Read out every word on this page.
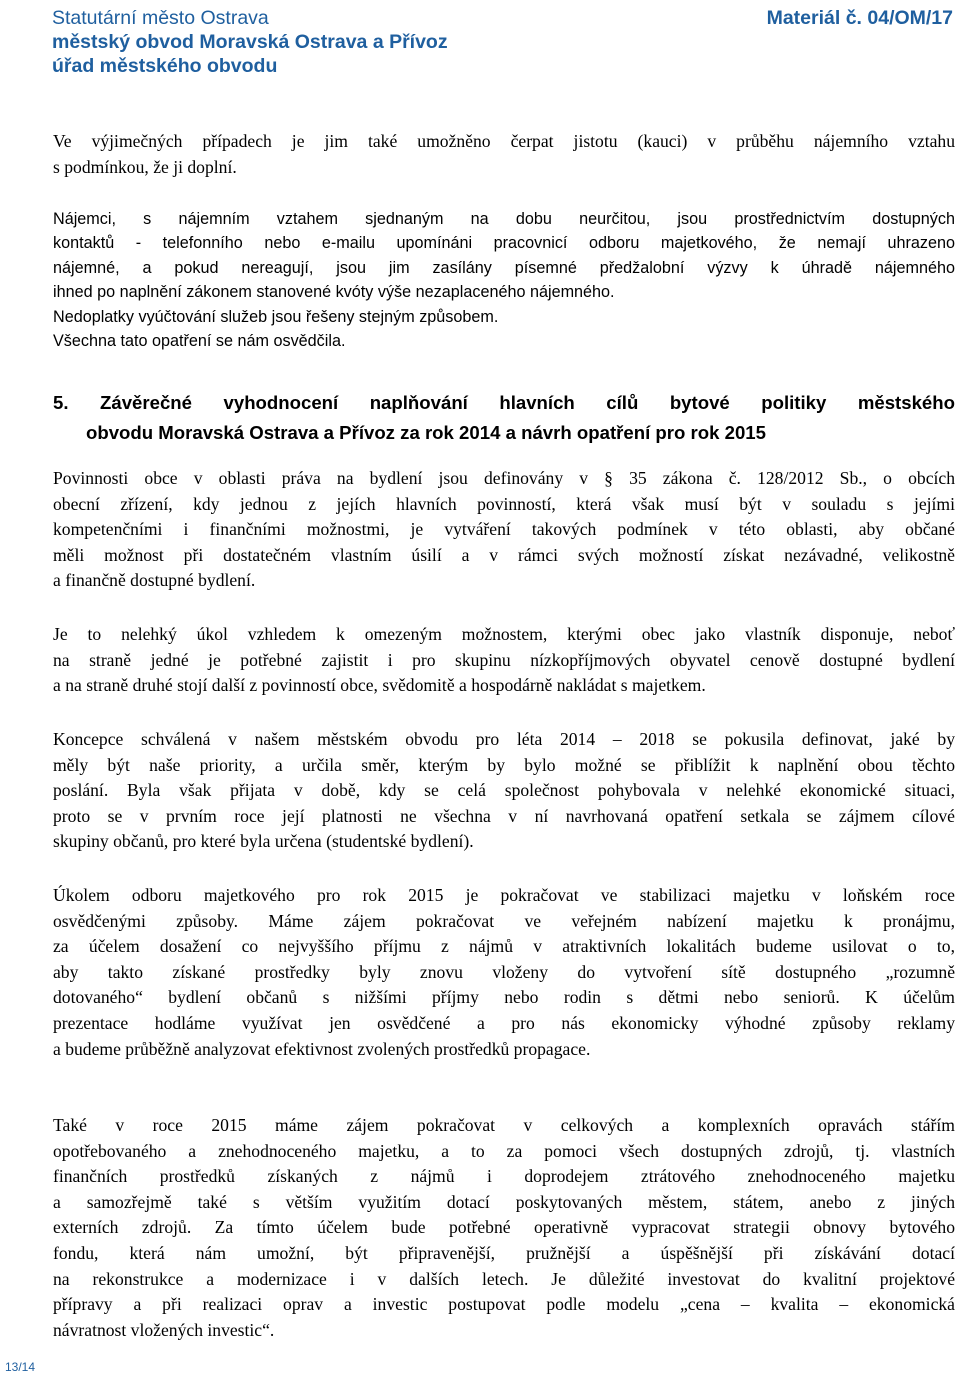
Statutární město Ostrava
městský obvod Moravská Ostrava a Přívoz
úřad městského obvodu
Materiál č. 04/OM/17
Ve výjimečných případech je jim také umožněno čerpat jistotu (kauci) v průběhu nájemního vztahu
s podmínkou, že ji doplní.
Nájemci, s nájemním vztahem sjednaným na dobu neurčitou, jsou prostřednictvím dostupných
kontaktů - telefonního nebo e-mailu upomínáni pracovnicí odboru majetkového, že nemají uhrazeno
nájemné, a pokud nereagují, jsou jim zasílány písemné předžalobní výzvy k úhradě nájemného
ihned po naplnění zákonem stanovené kvóty výše nezaplaceného nájemného.
Nedoplatky vyúčtování služeb jsou řešeny stejným způsobem.
Všechna tato opatření se nám osvědčila.
5. Závěrečné vyhodnocení naplňování hlavních cílů bytové politiky městského
obvodu Moravská Ostrava a Přívoz za rok 2014 a návrh opatření pro rok 2015
Povinnosti obce v oblasti práva na bydlení jsou definovány v § 35 zákona č. 128/2012 Sb., o obcích
obecní zřízení, kdy jednou z jejích hlavních povinností, která však musí být v souladu s jejími
kompetenčními i finančními možnostmi, je vytváření takových podmínek v této oblasti, aby občané
měli možnost při dostatečném vlastním úsilí a v rámci svých možností získat nezávadné, velikostně
a finančně dostupné bydlení.
Je to nelehký úkol vzhledem k omezeným možnostem, kterými obec jako vlastník disponuje, neboť
na straně jedné je potřebné zajistit i pro skupinu nízkopříjmových obyvatel cenově dostupné bydlení
a na straně druhé stojí další z povinností obce, svědomitě a hospodárně nakládat s majetkem.
Koncepce schválená v našem městském obvodu pro léta 2014 – 2018 se pokusila definovat, jaké by
měly být naše priority, a určila směr, kterým by bylo možné se přiblížit k naplnění obou těchto
poslání. Byla však přijata v době, kdy se celá společnost pohybovala v nelehké ekonomické situaci,
proto se v prvním roce její platnosti ne všechna v ní navrhovaná opatření setkala se zájmem cílové
skupiny občanů, pro které byla určena (studentské bydlení).
Úkolem odboru majetkového pro rok 2015 je pokračovat ve stabilizaci majetku v loňském roce
osvědčenými způsoby. Máme zájem pokračovat ve veřejném nabízení majetku k pronájmu,
za účelem dosažení co nejvyššího příjmu z nájmů v atraktivních lokalitách budeme usilovat o to,
aby takto získané prostředky byly znovu vloženy do vytvoření sítě dostupného „rozumně
dotovaného“ bydlení občanů s nižšími příjmy nebo rodin s dětmi nebo seniorů. K účelům
prezentace hodláme využívat jen osvědčené a pro nás ekonomicky výhodné způsoby reklamy
a budeme průběžně analyzovat efektivnost zvolených prostředků propagace.
Také v roce 2015 máme zájem pokračovat v celkových a komplexních opravách stářím
opotřebovaného a znehodnoceného majetku, a to za pomoci všech dostupných zdrojů, tj. vlastních
finančních prostředků získaných z nájmů i doprodejem ztrátového znehodnoceného majetku
a samozřejmě také s větším využitím dotací poskytovaných městem, státem, anebo z jiných
externích zdrojů. Za tímto účelem bude potřebné operativně vypracovat strategii obnovy bytového
fondu, která nám umožní, být připravenější, pružnější a úspěšnější při získávání dotací
na rekonstrukce a modernizace i v dalších letech. Je důležité investovat do kvalitní projektové
přípravy a při realizaci oprav a investic postupovat podle modelu „cena – kvalita – ekonomická
návratnost vložených investic“.
13/14
